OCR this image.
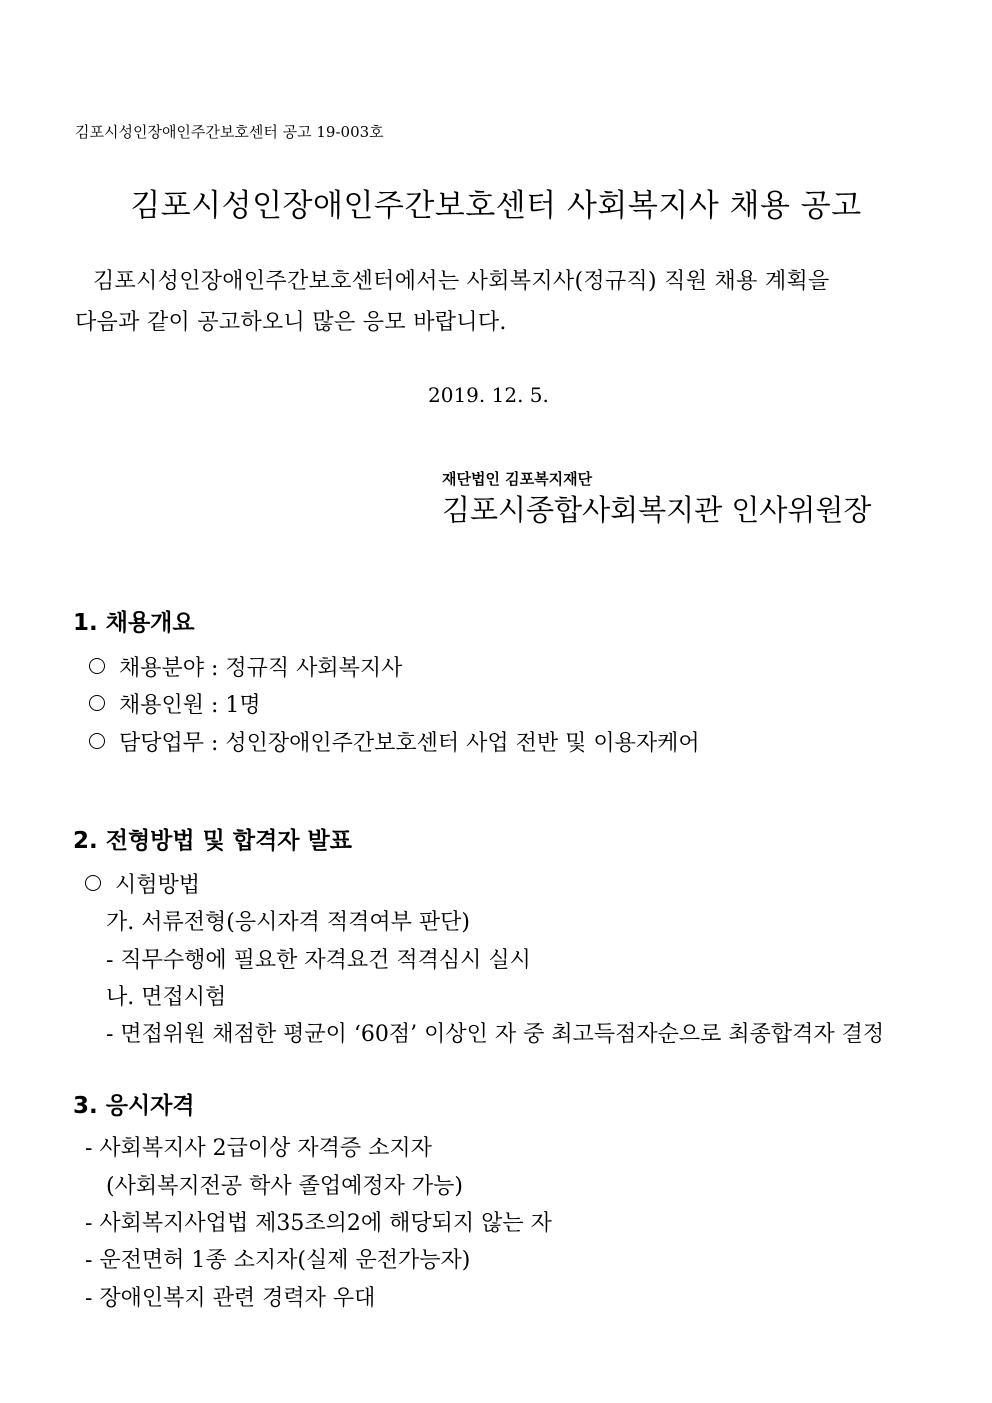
김포시성인장애인주간보호센터 공고 19-003호
김포시성인장애인주간보호센터 사회복지사 채용 공고
김포시성인장애인주간보호센터에서는 사회복지사(정규직) 직원 채용 계획을
다음과 같이 공고하오니 많은 응모 바랍니다.
2019. 12. 5.
재단법인 김포복지재단
김포시종합사회복지관 인사위원장
1. 채용개요
채용분야 : 정규직 사회복지사
채용인원 : 1명
담당업무 : 성인장애인주간보호센터 사업 전반 및 이용자케어
2. 전형방법 및 합격자 발표
시험방법
가. 서류전형(응시자격 적격여부 판단)
- 직무수행에 필요한 자격요건 적격심시 실시
나. 면접시험
- 면접위원 채점한 평균이 ‘60점’ 이상인 자 중 최고득점자순으로 최종합격자 결정
3. 응시자격
- 사회복지사 2급이상 자격증 소지자
(사회복지전공 학사 졸업예정자 가능)
- 사회복지사업법 제35조의2에 해당되지 않는 자
- 운전면허 1종 소지자(실제 운전가능자)
- 장애인복지 관련 경력자 우대
